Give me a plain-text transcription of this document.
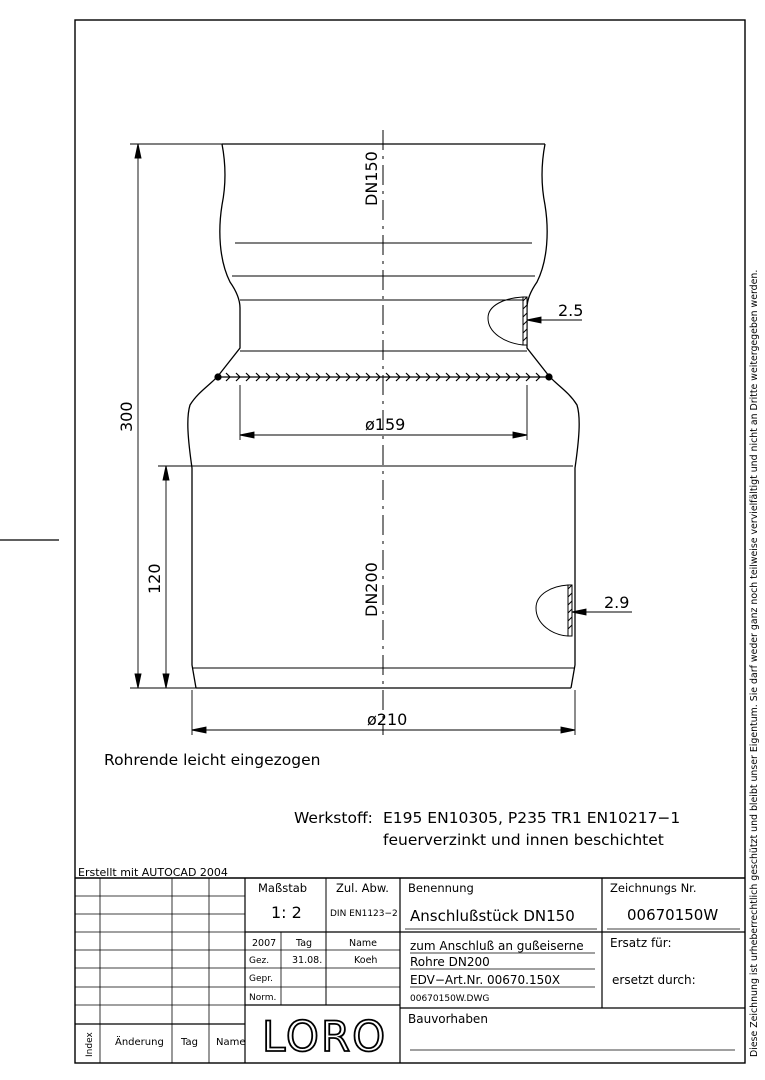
300
120
DN150
DN200
ø159
ø210
2.5
2.9
Rohrende leicht eingezogen
Werkstoff: E195 EN10305, P235 TR1 EN10217−1
feuerverzinkt und innen beschichtet	Diese Zeichnung ist urheberrechtlich geschützt und bleibt unser Eigentum. Sie darf weder ganz noch teilweise vervielfältigt und nicht an Dritte weitergegeben werden.
Erstellt mit AUTOCAD 2004
Maßstab
1: 2
Zul. Abw.
DIN EN1123−2
Benennung
Anschlußstück DN150
Zeichnungs Nr.
00670150W
2007 Tag	Name
Gez. 31.08.	Koeh
Gepr.
Norm.
zum Anschluß an gußeiserne
Rohre DN200
EDV−Art.Nr. 00670.150X
00670150W.DWG
Ersatz für:
ersetzt durch:
Bauvorhaben
LORO
Index Änderung Tag Name
